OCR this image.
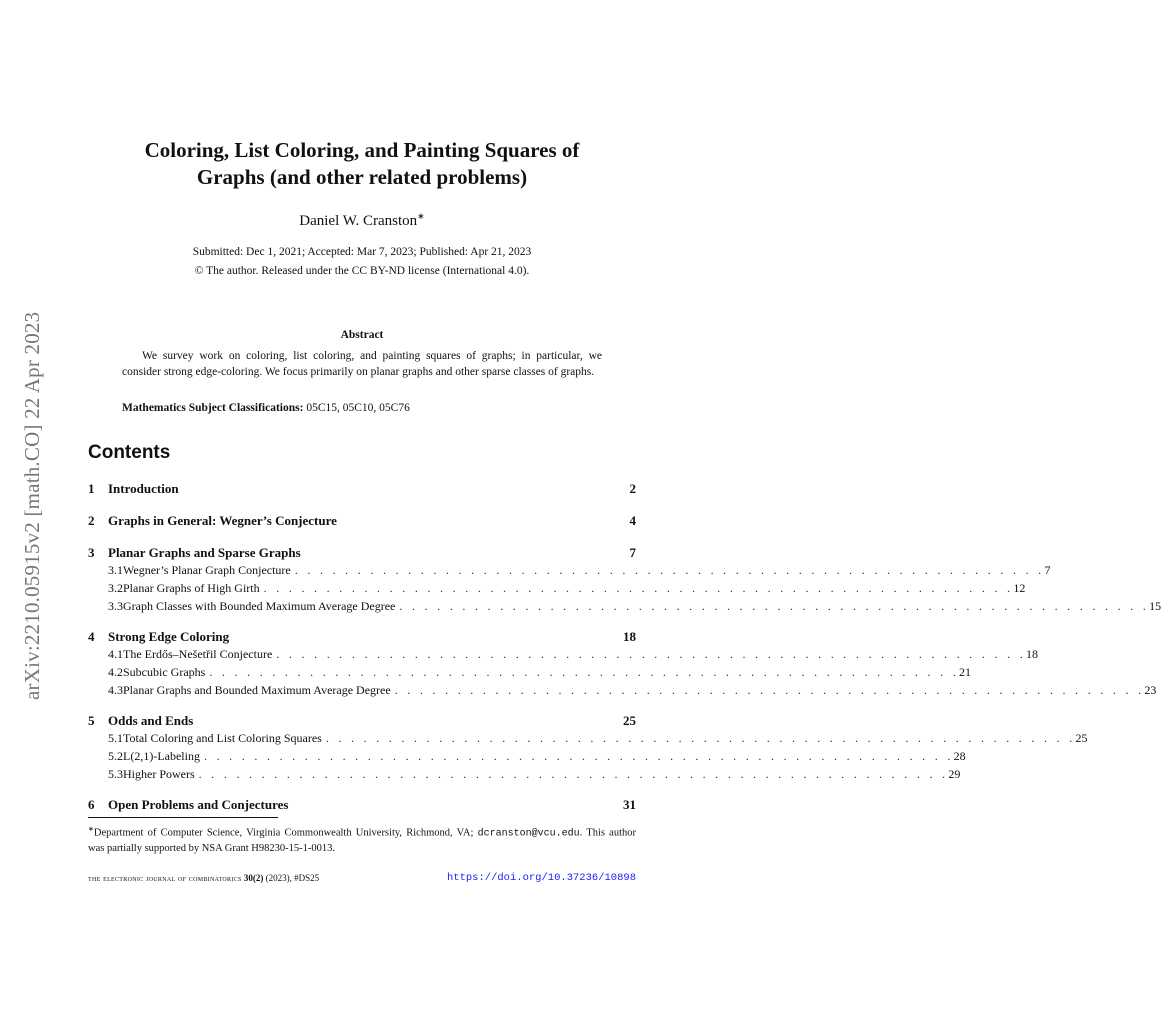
arXiv:2210.05915v2 [math.CO] 22 Apr 2023
Coloring, List Coloring, and Painting Squares of
Graphs (and other related problems)
Daniel W. Cranston∗
Submitted: Dec 1, 2021; Accepted: Mar 7, 2023; Published: Apr 21, 2023
© The author. Released under the CC BY-ND license (International 4.0).
Abstract
We survey work on coloring, list coloring, and painting squares of graphs; in particular, we consider strong edge-coloring. We focus primarily on planar graphs and other sparse classes of graphs.
Mathematics Subject Classifications: 05C15, 05C10, 05C76
Contents
1	Introduction	2
2	Graphs in General: Wegner’s Conjecture	4
3	Planar Graphs and Sparse Graphs	7
3.1 Wegner’s Planar Graph Conjecture . . . . . . . . . . . . . . . . . . . . . . . . . . . . . . . . . . . . . . . . . . . . . . . . . . . . . . . . . . . . 7
3.2 Planar Graphs of High Girth . . . . . . . . . . . . . . . . . . . . . . . . . . . . . . . . . . . . . . . . . . . . . . . . . . . . . . . . . . . . 12
3.3 Graph Classes with Bounded Maximum Average Degree . . . . . . . . . . . . . . . . . . . . . . . . . . . . . . . . . . . . . . . . . . . . . . . . . . . . . . . . . . . . 15
4	Strong Edge Coloring	18
4.1 The Erdős–Nešetřil Conjecture . . . . . . . . . . . . . . . . . . . . . . . . . . . . . . . . . . . . . . . . . . . . . . . . . . . . . . . . . . . . 18
4.2 Subcubic Graphs . . . . . . . . . . . . . . . . . . . . . . . . . . . . . . . . . . . . . . . . . . . . . . . . . . . . . . . . . . . . 21
4.3 Planar Graphs and Bounded Maximum Average Degree . . . . . . . . . . . . . . . . . . . . . . . . . . . . . . . . . . . . . . . . . . . . . . . . . . . . . . . . . . . . 23
5	Odds and Ends	25
5.1 Total Coloring and List Coloring Squares . . . . . . . . . . . . . . . . . . . . . . . . . . . . . . . . . . . . . . . . . . . . . . . . . . . . . . . . . . . . 25
5.2 L(2,1)-Labeling . . . . . . . . . . . . . . . . . . . . . . . . . . . . . . . . . . . . . . . . . . . . . . . . . . . . . . . . . . . . 28
5.3 Higher Powers . . . . . . . . . . . . . . . . . . . . . . . . . . . . . . . . . . . . . . . . . . . . . . . . . . . . . . . . . . . . 29
6	Open Problems and Conjectures	31
∗Department of Computer Science, Virginia Commonwealth University, Richmond, VA; dcranston@vcu.edu. This author was partially supported by NSA Grant H98230-15-1-0013.
the electronic journal of combinatorics 30(2) (2023), #DS25	https://doi.org/10.37236/10898
